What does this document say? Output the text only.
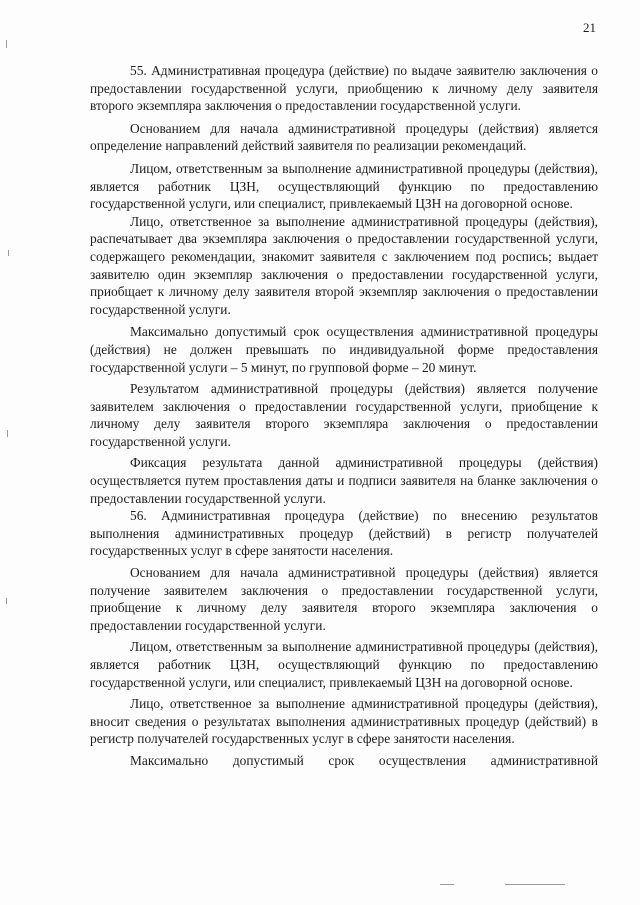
21

55. Административная процедура (действие) по выдаче заявителю заключения о предоставлении государственной услуги, приобщению к личному делу заявителя второго экземпляра заключения о предоставлении государственной услуги.

Основанием для начала административной процедуры (действия) является определение направлений действий заявителя по реализации рекомендаций.

Лицом, ответственным за выполнение административной процедуры (действия), является работник ЦЗН, осуществляющий функцию по предоставлению государственной услуги, или специалист, привлекаемый ЦЗН на договорной основе.

Лицо, ответственное за выполнение административной процедуры (действия), распечатывает два экземпляра заключения о предоставлении государственной услуги, содержащего рекомендации, знакомит заявителя с заключением под роспись; выдает заявителю один экземпляр заключения о предоставлении государственной услуги, приобщает к личному делу заявителя второй экземпляр заключения о предоставлении государственной услуги.

Максимально допустимый срок осуществления административной процедуры (действия) не должен превышать по индивидуальной форме предоставления государственной услуги – 5 минут, по групповой форме – 20 минут.

Результатом административной процедуры (действия) является получение заявителем заключения о предоставлении государственной услуги, приобщение к личному делу заявителя второго экземпляра заключения о предоставлении государственной услуги.

Фиксация результата данной административной процедуры (действия) осуществляется путем проставления даты и подписи заявителя на бланке заключения о предоставлении государственной услуги.

56. Административная процедура (действие) по внесению результатов выполнения административных процедур (действий) в регистр получателей государственных услуг в сфере занятости населения.

Основанием для начала административной процедуры (действия) является получение заявителем заключения о предоставлении государственной услуги, приобщение к личному делу заявителя второго экземпляра заключения о предоставлении государственной услуги.

Лицом, ответственным за выполнение административной процедуры (действия), является работник ЦЗН, осуществляющий функцию по предоставлению государственной услуги, или специалист, привлекаемый ЦЗН на договорной основе.

Лицо, ответственное за выполнение административной процедуры (действия), вносит сведения о результатах выполнения административных процедур (действий) в регистр получателей государственных услуг в сфере занятости населения.

Максимально допустимый срок осуществления административной
